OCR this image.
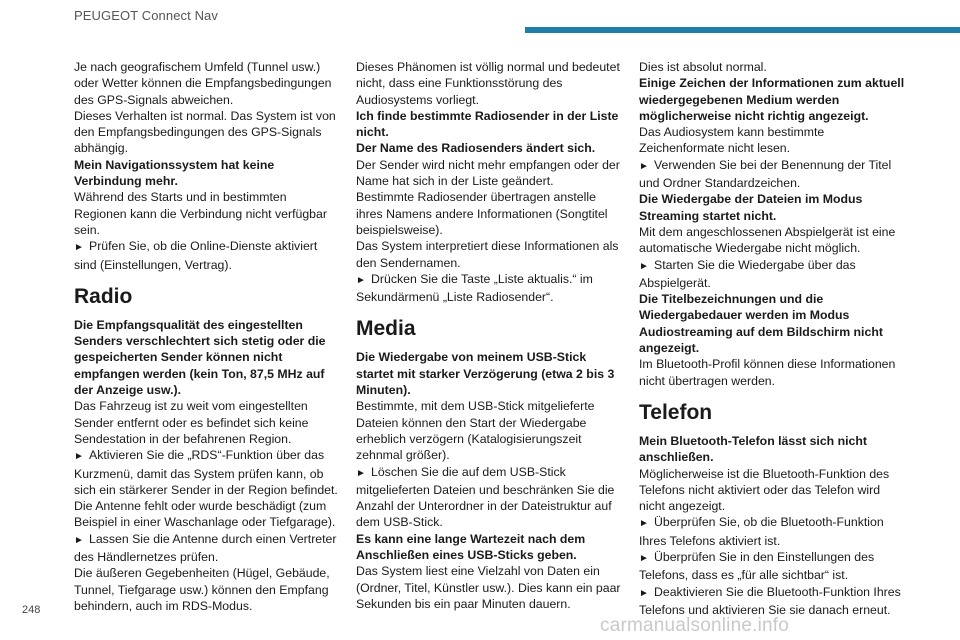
PEUGEOT Connect Nav
Je nach geografischem Umfeld (Tunnel usw.) oder Wetter können die Empfangsbedingungen des GPS-Signals abweichen.
Dieses Verhalten ist normal. Das System ist von den Empfangsbedingungen des GPS-Signals abhängig.
Mein Navigationssystem hat keine Verbindung mehr.
Während des Starts und in bestimmten Regionen kann die Verbindung nicht verfügbar sein.
► Prüfen Sie, ob die Online-Dienste aktiviert sind (Einstellungen, Vertrag).
Radio
Die Empfangsqualität des eingestellten Senders verschlechtert sich stetig oder die gespeicherten Sender können nicht empfangen werden (kein Ton, 87,5 MHz auf der Anzeige usw.).
Das Fahrzeug ist zu weit vom eingestellten Sender entfernt oder es befindet sich keine Sendestation in der befahrenen Region.
► Aktivieren Sie die „RDS“-Funktion über das Kurzmenü, damit das System prüfen kann, ob sich ein stärkerer Sender in der Region befindet.
Die Antenne fehlt oder wurde beschädigt (zum Beispiel in einer Waschanlage oder Tiefgarage).
► Lassen Sie die Antenne durch einen Vertreter des Händlernetzes prüfen.
Die äußeren Gegebenheiten (Hügel, Gebäude, Tunnel, Tiefgarage usw.) können den Empfang behindern, auch im RDS-Modus.
Dieses Phänomen ist völlig normal und bedeutet nicht, dass eine Funktionsstörung des Audiosystems vorliegt.
Ich finde bestimmte Radiosender in der Liste nicht.
Der Name des Radiosenders ändert sich.
Der Sender wird nicht mehr empfangen oder der Name hat sich in der Liste geändert.
Bestimmte Radiosender übertragen anstelle ihres Namens andere Informationen (Songtitel beispielsweise).
Das System interpretiert diese Informationen als den Sendernamen.
► Drücken Sie die Taste „Liste aktualis.“ im Sekundärmenü „Liste Radiosender“.
Media
Die Wiedergabe von meinem USB-Stick startet mit starker Verzögerung (etwa 2 bis 3 Minuten).
Bestimmte, mit dem USB-Stick mitgelieferte Dateien können den Start der Wiedergabe erheblich verzögern (Katalogisierungszeit zehnmal größer).
► Löschen Sie die auf dem USB-Stick mitgelieferten Dateien und beschränken Sie die Anzahl der Unterordner in der Dateistruktur auf dem USB-Stick.
Es kann eine lange Wartezeit nach dem Anschließen eines USB-Sticks geben.
Das System liest eine Vielzahl von Daten ein (Ordner, Titel, Künstler usw.). Dies kann ein paar Sekunden bis ein paar Minuten dauern.
Dies ist absolut normal.
Einige Zeichen der Informationen zum aktuell wiedergegebenen Medium werden möglicherweise nicht richtig angezeigt.
Das Audiosystem kann bestimmte Zeichenformate nicht lesen.
► Verwenden Sie bei der Benennung der Titel und Ordner Standardzeichen.
Die Wiedergabe der Dateien im Modus Streaming startet nicht.
Mit dem angeschlossenen Abspielgerät ist eine automatische Wiedergabe nicht möglich.
► Starten Sie die Wiedergabe über das Abspielgerät.
Die Titelbezeichnungen und die Wiedergabedauer werden im Modus Audiostreaming auf dem Bildschirm nicht angezeigt.
Im Bluetooth-Profil können diese Informationen nicht übertragen werden.
Telefon
Mein Bluetooth-Telefon lässt sich nicht anschließen.
Möglicherweise ist die Bluetooth-Funktion des Telefons nicht aktiviert oder das Telefon wird nicht angezeigt.
► Überprüfen Sie, ob die Bluetooth-Funktion Ihres Telefons aktiviert ist.
► Überprüfen Sie in den Einstellungen des Telefons, dass es „für alle sichtbar“ ist.
► Deaktivieren Sie die Bluetooth-Funktion Ihres Telefons und aktivieren Sie sie danach erneut.
248
carmanualsonline.info
